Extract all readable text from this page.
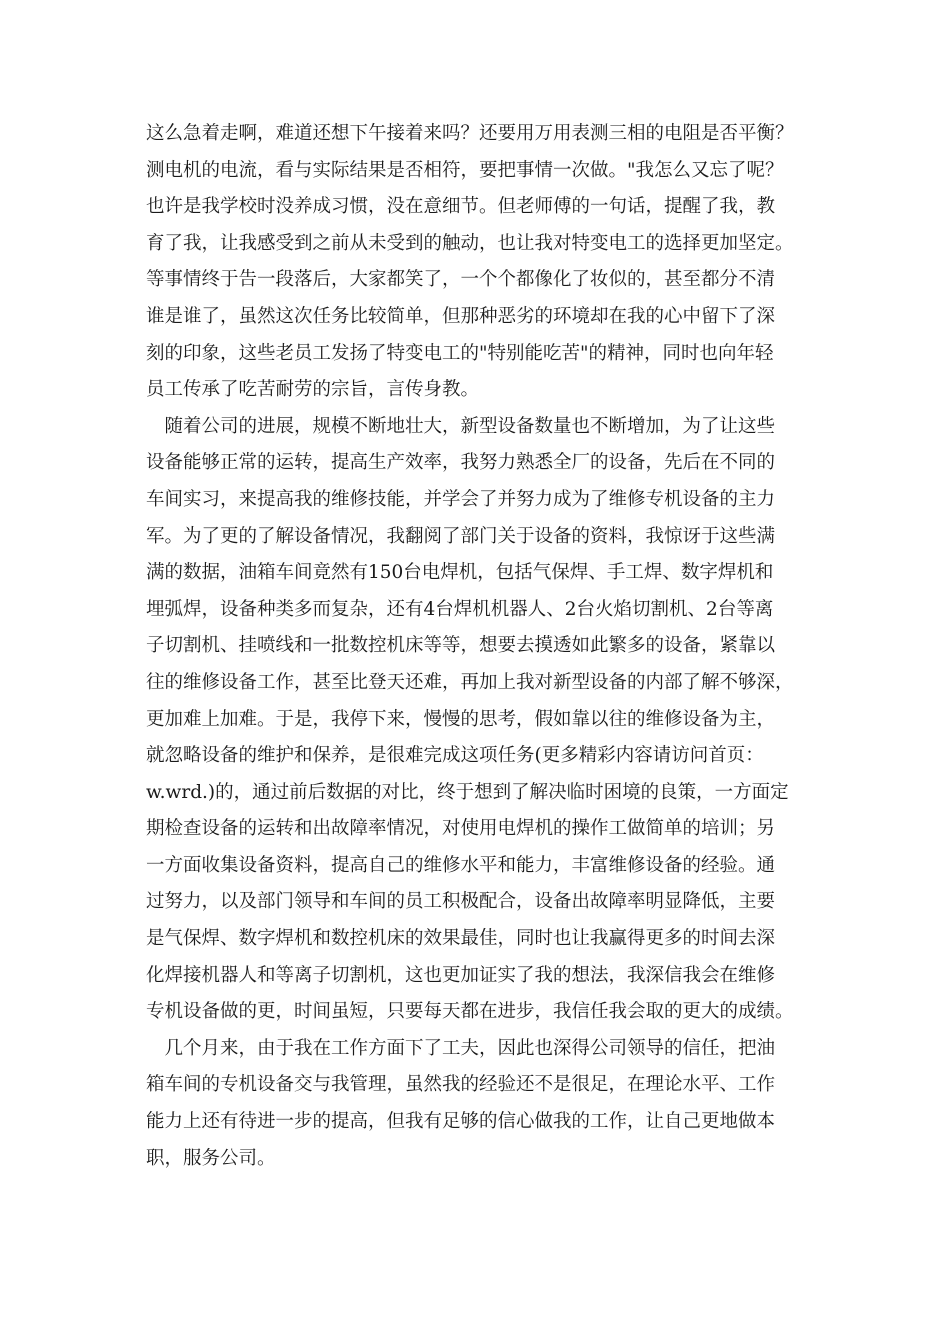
这么急着走啊，难道还想下午接着来吗？还要用万用表测三相的电阻是否平衡？
测电机的电流，看与实际结果是否相符，要把事情一次做。"我怎么又忘了呢？
也许是我学校时没养成习惯，没在意细节。但老师傅的一句话，提醒了我，教
育了我，让我感受到之前从未受到的触动，也让我对特变电工的选择更加坚定。
等事情终于告一段落后，大家都笑了，一个个都像化了妆似的，甚至都分不清
谁是谁了，虽然这次任务比较简单，但那种恶劣的环境却在我的心中留下了深
刻的印象，这些老员工发扬了特变电工的"特别能吃苦"的精神，同时也向年轻
员工传承了吃苦耐劳的宗旨，言传身教。
　随着公司的进展，规模不断地壮大，新型设备数量也不断增加，为了让这些
设备能够正常的运转，提高生产效率，我努力熟悉全厂的设备，先后在不同的
车间实习，来提高我的维修技能，并学会了并努力成为了维修专机设备的主力
军。为了更的了解设备情况，我翻阅了部门关于设备的资料，我惊讶于这些满
满的数据，油箱车间竟然有150台电焊机，包括气保焊、手工焊、数字焊机和
埋弧焊，设备种类多而复杂，还有4台焊机机器人、2台火焰切割机、2台等离
子切割机、挂喷线和一批数控机床等等，想要去摸透如此繁多的设备，紧靠以
往的维修设备工作，甚至比登天还难，再加上我对新型设备的内部了解不够深，
更加难上加难。于是，我停下来，慢慢的思考，假如靠以往的维修设备为主，
就忽略设备的维护和保养，是很难完成这项任务(更多精彩内容请访问首页：
w.wrd.)的，通过前后数据的对比，终于想到了解决临时困境的良策，一方面定
期检查设备的运转和出故障率情况，对使用电焊机的操作工做简单的培训；另
一方面收集设备资料，提高自己的维修水平和能力，丰富维修设备的经验。通
过努力，以及部门领导和车间的员工积极配合，设备出故障率明显降低，主要
是气保焊、数字焊机和数控机床的效果最佳，同时也让我赢得更多的时间去深
化焊接机器人和等离子切割机，这也更加证实了我的想法，我深信我会在维修
专机设备做的更，时间虽短，只要每天都在进步，我信任我会取的更大的成绩。
　几个月来，由于我在工作方面下了工夫，因此也深得公司领导的信任，把油
箱车间的专机设备交与我管理，虽然我的经验还不是很足，在理论水平、工作
能力上还有待进一步的提高，但我有足够的信心做我的工作，让自己更地做本
职，服务公司。
